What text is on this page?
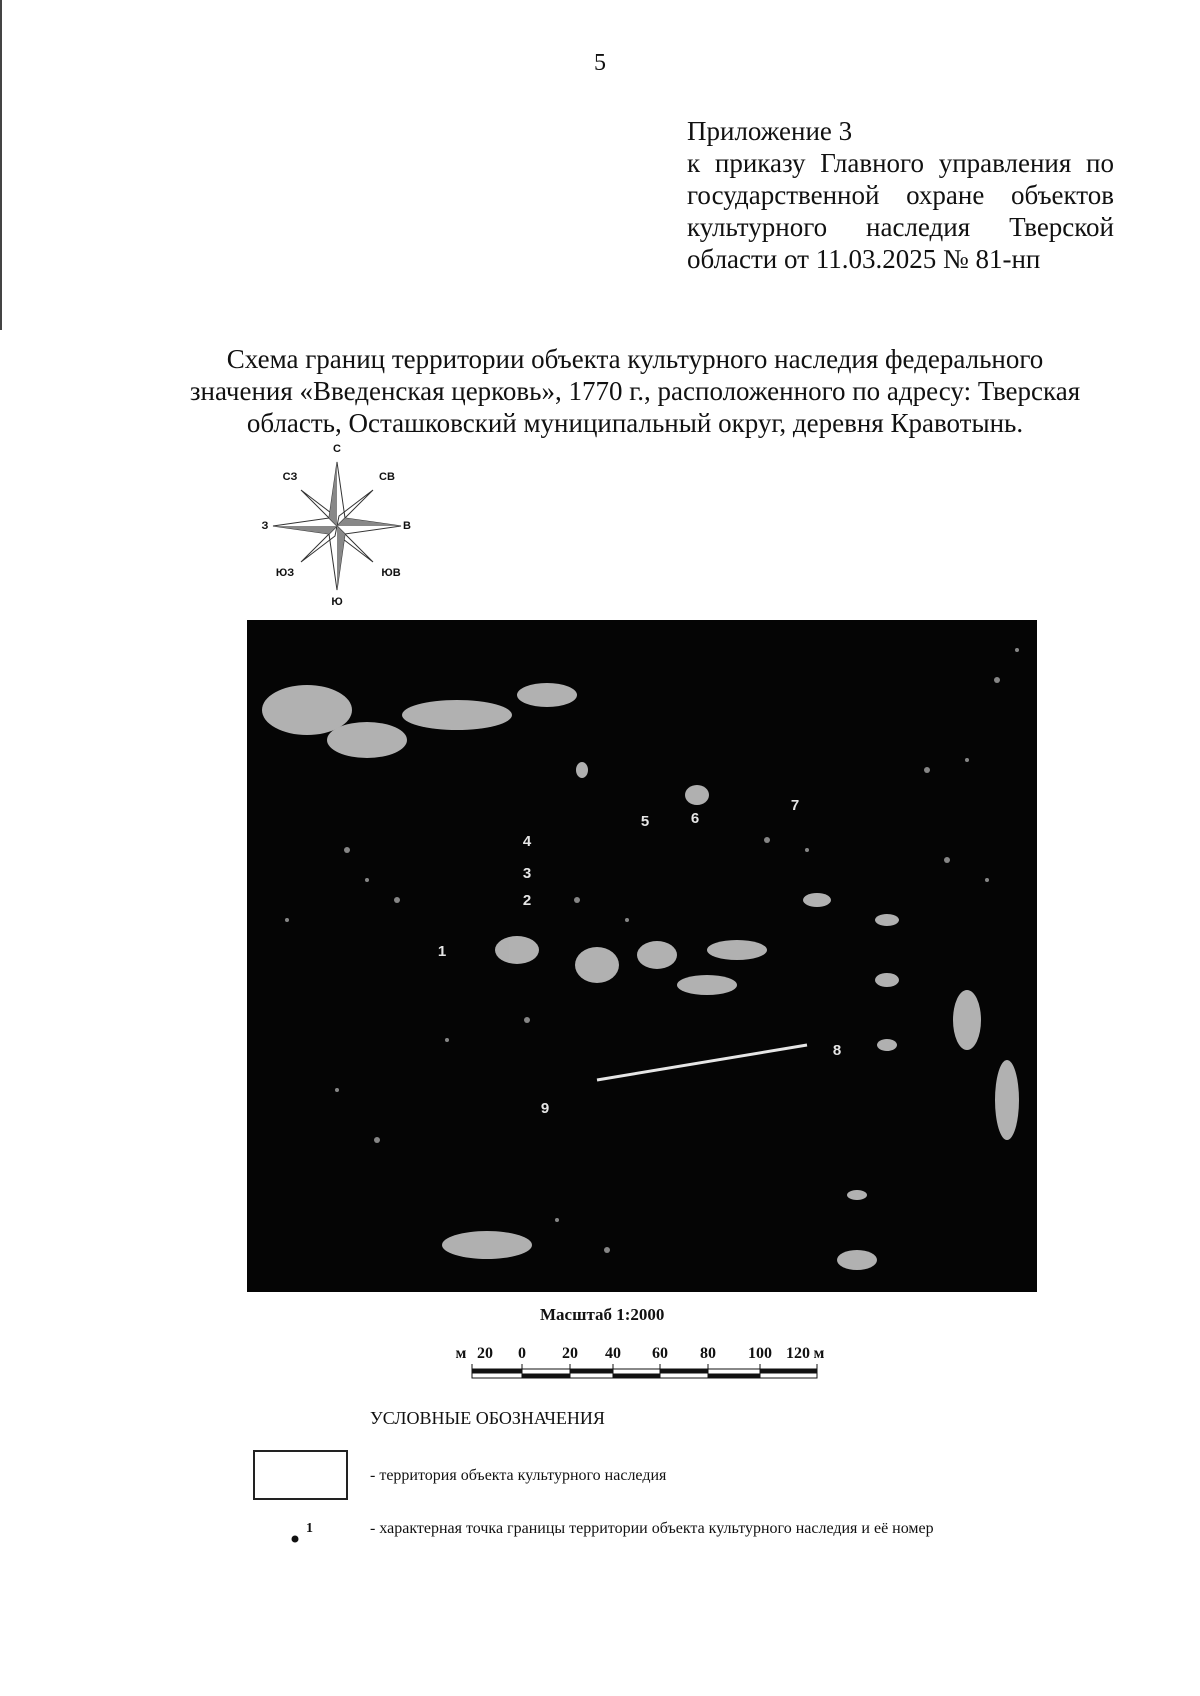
5
Приложение 3
к приказу Главного управления по
государственной охране объектов
культурного наследия Тверской
области от 11.03.2025 № 81-нп
Схема границ территории объекта культурного наследия федерального
значения «Введенская церковь», 1770 г., расположенного по адресу: Тверская
область, Осташковский муниципальный округ, деревня Кравотынь.
С
СВ
В
ЮВ
Ю
ЮЗ
З
СЗ
1
2
3
4
5	6
7
8
9
Масштаб 1:2000
м 20 0 20 40 60 80 100 120 м
УСЛОВНЫЕ ОБОЗНАЧЕНИЯ
- территория объекта культурного наследия
1	- характерная точка границы территории объекта культурного наследия и её номер
